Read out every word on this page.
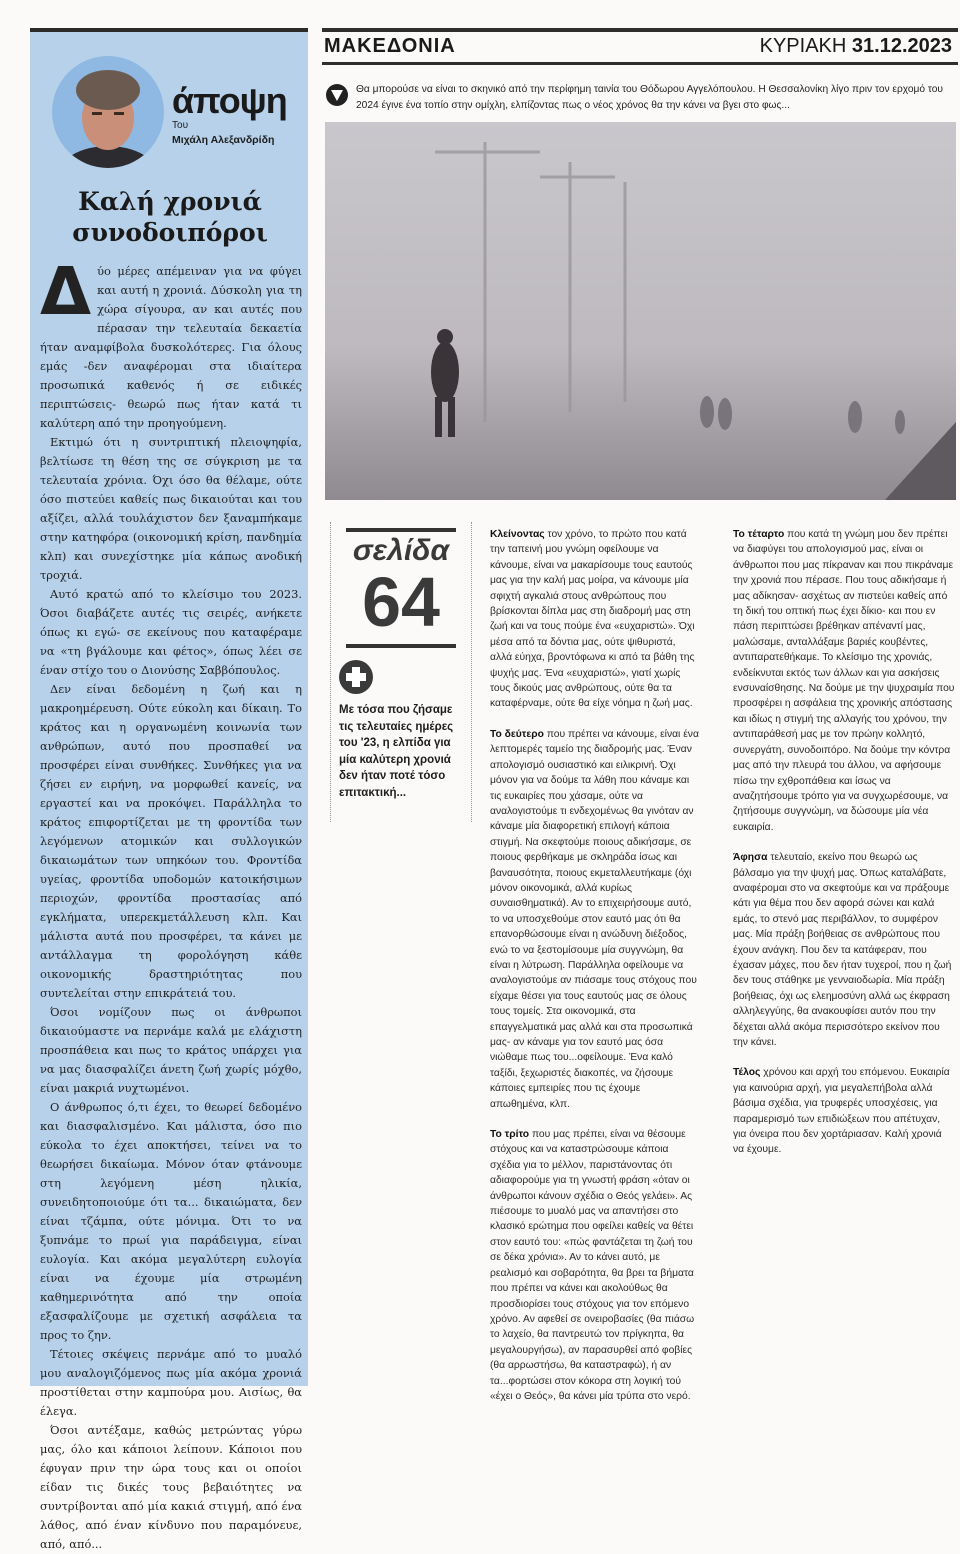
άποψη
Του
Μιχάλη Αλεξανδρίδη
Καλή χρονιά συνοδοιπόροι

Δύο μέρες απέμειναν για να φύγει και αυτή η χρονιά. Δύσκολη για τη χώρα σίγουρα, αν και αυτές που πέρασαν την τελευταία δεκαετία ήταν αναμφίβολα δυσκολότερες. Για όλους εμάς -δεν αναφέρομαι στα ιδιαίτερα προσωπικά καθενός ή σε ειδικές περιπτώσεις- θεωρώ πως ήταν κατά τι καλύτερη από την προηγούμενη.

Εκτιμώ ότι η συντριπτική πλειοψηφία, βελτίωσε τη θέση της σε σύγκριση με τα τελευταία χρόνια. Όχι όσο θα θέλαμε, ούτε όσο πιστεύει καθείς πως δικαιούται και του αξίζει, αλλά τουλάχιστον δεν ξαναμπήκαμε στην κατηφόρα (οικονομική κρίση, πανδημία κλπ) και συνεχίστηκε μία κάπως ανοδική τροχιά.

Αυτό κρατώ από το κλείσιμο του 2023. Όσοι διαβάζετε αυτές τις σειρές, ανήκετε όπως κι εγώ- σε εκείνους που καταφέραμε να «τη βγάλουμε και φέτος», όπως λέει σε έναν στίχο του ο Διονύσης Σαββόπουλος.

Δεν είναι δεδομένη η ζωή και η μακροημέρευση. Ούτε εύκολη και δίκαιη. Το κράτος και η οργανωμένη κοινωνία των ανθρώπων, αυτό που προσπαθεί να προσφέρει είναι συνθήκες. Συνθήκες για να ζήσει εν ειρήνη, να μορφωθεί κανείς, να εργαστεί και να προκόψει. Παράλληλα το κράτος επιφορτίζεται με τη φροντίδα των λεγόμενων ατομικών και συλλογικών δικαιωμάτων των υπηκόων του. Φροντίδα υγείας, φροντίδα υποδομών κατοικήσιμων περιοχών, φροντίδα προστασίας από εγκλήματα, υπερεκμετάλλευση κλπ. Και μάλιστα αυτά που προσφέρει, τα κάνει με αντάλλαγμα τη φορολόγηση κάθε οικονομικής δραστηριότητας που συντελείται στην επικράτειά του.

Όσοι νομίζουν πως οι άνθρωποι δικαιούμαστε να περνάμε καλά με ελάχιστη προσπάθεια και πως το κράτος υπάρχει για να μας διασφαλίζει άνετη ζωή χωρίς μόχθο, είναι μακριά νυχτωμένοι.

Ο άνθρωπος ό,τι έχει, το θεωρεί δεδομένο και διασφαλισμένο. Και μάλιστα, όσο πιο εύκολα το έχει αποκτήσει, τείνει να το θεωρήσει δικαίωμα. Μόνον όταν φτάνουμε στη λεγόμενη μέση ηλικία, συνειδητοποιούμε ότι τα... δικαιώματα, δεν είναι τζάμπα, ούτε μόνιμα. Ότι το να ξυπνάμε το πρωί για παράδειγμα, είναι ευλογία. Και ακόμα μεγαλύτερη ευλογία είναι να έχουμε μία στρωμένη καθημερινότητα από την οποία εξασφαλίζουμε με σχετική ασφάλεια τα προς το ζην.

Τέτοιες σκέψεις περνάμε από το μυαλό μου αναλογιζόμενος πως μία ακόμα χρονιά προστίθεται στην καμπούρα μου. Αισίως, θα έλεγα.

Όσοι αντέξαμε, καθώς μετρώντας γύρω μας, όλο και κάποιοι λείπουν. Κάποιοι που έφυγαν πριν την ώρα τους και οι οποίοι είδαν τις δικές τους βεβαιότητες να συντρίβονται από μία κακιά στιγμή, από ένα λάθος, από έναν κίνδυνο που παραμόνευε, από, από...

ΜΑΚΕΔΟΝΙΑ	ΚΥΡΙΑΚΗ 31.12.2023
Θα μπορούσε να είναι το σκηνικό από την περίφημη ταινία του Θόδωρου Αγγελόπουλου. Η Θεσσαλονίκη λίγο πριν τον ερχομό του 2024 έγινε ένα τοπίο στην ομίχλη, ελπίζοντας πως ο νέος χρόνος θα την κάνει να βγει στο φως...
σελίδα
64
Με τόσα που ζήσαμε τις τελευταίες ημέρες του '23, η ελπίδα για μία καλύτερη χρονιά δεν ήταν ποτέ τόσο επιτακτική...

Κλείνοντας τον χρόνο, το πρώτο που κατά την ταπεινή μου γνώμη οφείλουμε να κάνουμε, είναι να μακαρίσουμε τους εαυτούς μας για την καλή μας μοίρα, να κάνουμε μία σφιχτή αγκαλιά στους ανθρώπους που βρίσκονται δίπλα μας στη διαδρομή μας στη ζωή και να τους πούμε ένα «ευχαριστώ». Όχι μέσα από τα δόντια μας, ούτε ψιθυριστά, αλλά εύηχα, βροντόφωνα κι από τα βάθη της ψυχής μας. Ένα «ευχαριστώ», γιατί χωρίς τους δικούς μας ανθρώπους, ούτε θα τα καταφέρναμε, ούτε θα είχε νόημα η ζωή μας.

Το δεύτερο που πρέπει να κάνουμε, είναι ένα λεπτομερές ταμείο της διαδρομής μας. Έναν απολογισμό ουσιαστικό και ειλικρινή. Όχι μόνον για να δούμε τα λάθη που κάναμε και τις ευκαιρίες που χάσαμε, ούτε να αναλογιστούμε τι ενδεχομένως θα γινόταν αν κάναμε μία διαφορετική επιλογή κάποια στιγμή. Να σκεφτούμε ποιους αδικήσαμε, σε ποιους φερθήκαμε με σκληράδα ίσως και βαναυσότητα, ποιους εκμεταλλευτήκαμε (όχι μόνον οικονομικά, αλλά κυρίως συναισθηματικά). Αν το επιχειρήσουμε αυτό, το να υποσχεθούμε στον εαυτό μας ότι θα επανορθώσουμε είναι η ανώδυνη διέξοδος, ενώ το να ξεστομίσουμε μία συγγνώμη, θα είναι η λύτρωση. Παράλληλα οφείλουμε να αναλογιστούμε αν πιάσαμε τους στόχους που είχαμε θέσει για τους εαυτούς μας σε όλους τους τομείς. Στα οικονομικά, στα επαγγελματικά μας αλλά και στα προσωπικά μας- αν κάναμε για τον εαυτό μας όσα νιώθαμε πως του...οφείλουμε. Ένα καλό ταξίδι, ξεχωριστές διακοπές, να ζήσουμε κάποιες εμπειρίες που τις έχουμε απωθημένα, κλπ.

Το τρίτο που μας πρέπει, είναι να θέσουμε στόχους και να καταστρώσουμε κάποια σχέδια για το μέλλον, παριστάνοντας ότι αδιαφορούμε για τη γνωστή φράση «όταν οι άνθρωποι κάνουν σχέδια ο Θεός γελάει». Ας πιέσουμε το μυαλό μας να απαντήσει στο κλασικό ερώτημα που οφείλει καθείς να θέτει στον εαυτό του: «πώς φαντάζεται τη ζωή του σε δέκα χρόνια». Αν το κάνει αυτό, με ρεαλισμό και σοβαρότητα, θα βρει τα βήματα που πρέπει να κάνει και ακολούθως θα προσδιορίσει τους στόχους για τον επόμενο χρόνο. Αν αφεθεί σε ονειροβασίες (θα πιάσω το λαχείο, θα παντρευτώ τον πρίγκηπα, θα μεγαλουργήσω), αν παρασυρθεί από φοβίες (θα αρρωστήσω, θα καταστραφώ), ή αν τα...φορτώσει στον κόκορα στη λογική τού «έχει ο Θεός», θα κάνει μία τρύπα στο νερό.

Το τέταρτο που κατά τη γνώμη μου δεν πρέπει να διαφύγει του απολογισμού μας, είναι οι άνθρωποι που μας πίκραναν και που πικράναμε την χρονιά που πέρασε. Που τους αδικήσαμε ή μας αδίκησαν- ασχέτως αν πιστεύει καθείς από τη δική του οπτική πως έχει δίκιο- και που εν πάση περιπτώσει βρέθηκαν απέναντί μας, μαλώσαμε, ανταλλάξαμε βαριές κουβέντες, αντιπαρατεθήκαμε. Το κλείσιμο της χρονιάς, ενδείκνυται εκτός των άλλων και για ασκήσεις ενσυναίσθησης. Να δούμε με την ψυχραιμία που προσφέρει η ασφάλεια της χρονικής απόστασης και ιδίως η στιγμή της αλλαγής του χρόνου, την αντιπαράθεσή μας με τον πρώην κολλητό, συνεργάτη, συνοδοιπόρο. Να δούμε την κόντρα μας από την πλευρά του άλλου, να αφήσουμε πίσω την εχθροπάθεια και ίσως να αναζητήσουμε τρόπο για να συγχωρέσουμε, να ζητήσουμε συγγνώμη, να δώσουμε μία νέα ευκαιρία.

Άφησα τελευταίο, εκείνο που θεωρώ ως βάλσαμο για την ψυχή μας. Όπως καταλάβατε, αναφέρομαι στο να σκεφτούμε και να πράξουμε κάτι για θέμα που δεν αφορά σώνει και καλά εμάς, το στενό μας περιβάλλον, το συμφέρον μας. Μία πράξη βοήθειας σε ανθρώπους που έχουν ανάγκη. Που δεν τα κατάφεραν, που έχασαν μάχες, που δεν ήταν τυχεροί, που η ζωή δεν τους στάθηκε με γενναιοδωρία. Μία πράξη βοήθειας, όχι ως ελεημοσύνη αλλά ως έκφραση αλληλεγγύης, θα ανακουφίσει αυτόν που την δέχεται αλλά ακόμα περισσότερο εκείνον που την κάνει.

Τέλος χρόνου και αρχή του επόμενου. Ευκαιρία για καινούρια αρχή, για μεγαλεπήβολα αλλά βάσιμα σχέδια, για τρυφερές υποσχέσεις, για παραμερισμό των επιδιώξεων που απέτυχαν, για όνειρα που δεν χορτάριασαν. Καλή χρονιά να έχουμε.
